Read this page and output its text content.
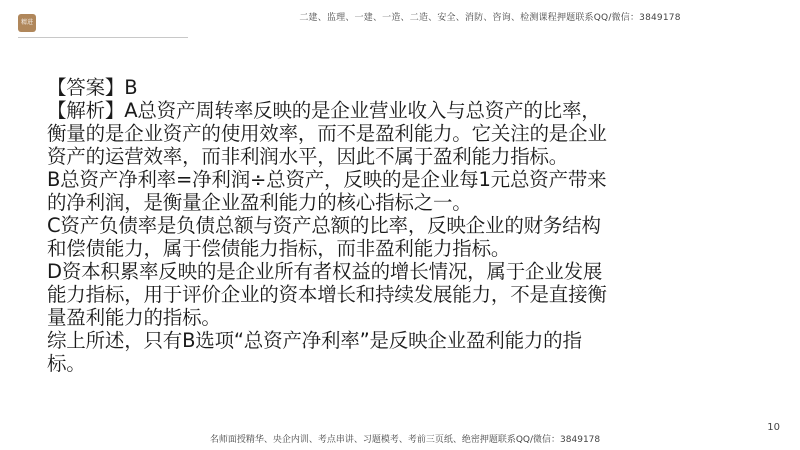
精进	二建、监理、一建、一造、二造、安全、消防、咨询、检测课程押题联系QQ/微信：3849178

【答案】B

【解析】A总资产周转率反映的是企业营业收入与总资产的比率，衡量的是企业资产的使用效率，而不是盈利能力。它关注的是企业资产的运营效率，而非利润水平，因此不属于盈利能力指标。

B总资产净利率=净利润÷总资产，反映的是企业每1元总资产带来的净利润，是衡量企业盈利能力的核心指标之一。

C资产负债率是负债总额与资产总额的比率，反映企业的财务结构和偿债能力，属于偿债能力指标，而非盈利能力指标。

D资本积累率反映的是企业所有者权益的增长情况，属于企业发展能力指标，用于评价企业的资本增长和持续发展能力，不是直接衡量盈利能力的指标。

综上所述，只有B选项“总资产净利率”是反映企业盈利能力的指标。

10
名师面授精华、央企内训、考点串讲、习题模考、考前三页纸、绝密押题联系QQ/微信：3849178
